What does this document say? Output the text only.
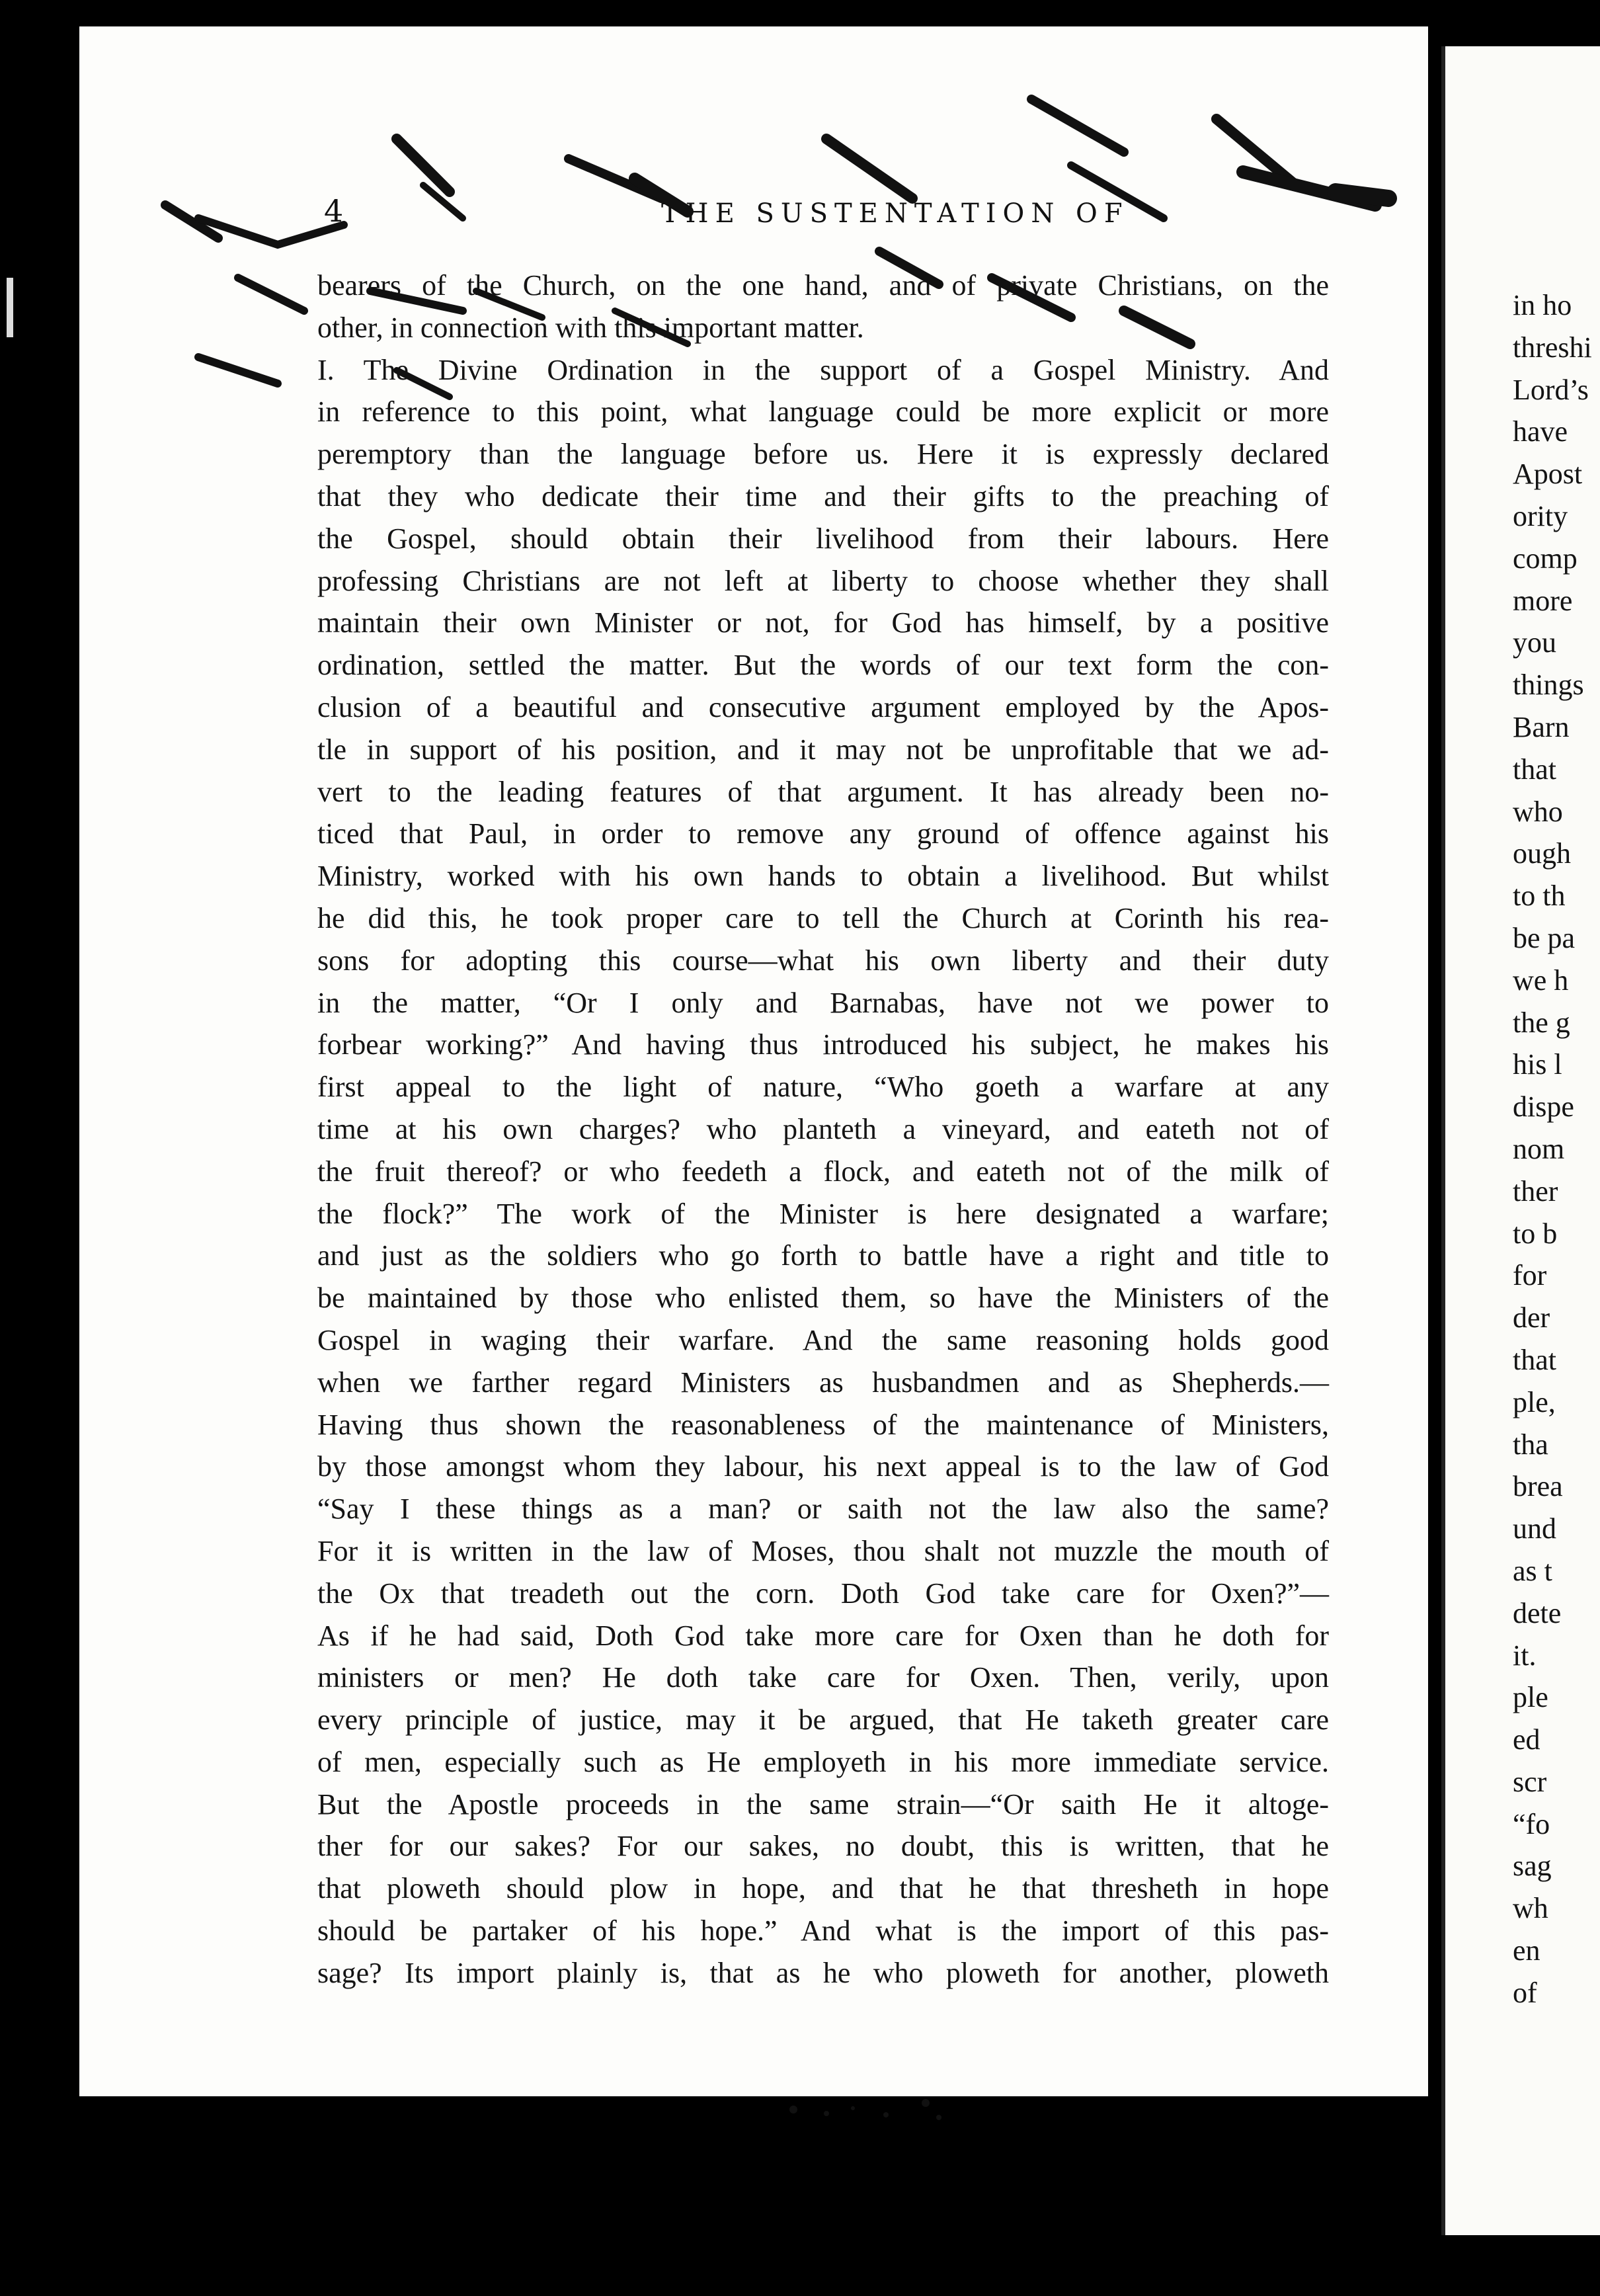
4	THE SUSTENTATION OF
bearers of the Church, on the one hand, and of private Christians, on the
other, in connection with this important matter.
I. The Divine Ordination in the support of a Gospel Ministry. And
in reference to this point, what language could be more explicit or more
peremptory than the language before us. Here it is expressly declared
that they who dedicate their time and their gifts to the preaching of
the Gospel, should obtain their livelihood from their labours. Here
professing Christians are not left at liberty to choose whether they shall
maintain their own Minister or not, for God has himself, by a positive
ordination, settled the matter. But the words of our text form the con-
clusion of a beautiful and consecutive argument employed by the Apos-
tle in support of his position, and it may not be unprofitable that we ad-
vert to the leading features of that argument. It has already been no-
ticed that Paul, in order to remove any ground of offence against his
Ministry, worked with his own hands to obtain a livelihood. But whilst
he did this, he took proper care to tell the Church at Corinth his rea-
sons for adopting this course—what his own liberty and their duty
in the matter, “Or I only and Barnabas, have not we power to
forbear working?” And having thus introduced his subject, he makes his
first appeal to the light of nature, “Who goeth a warfare at any
time at his own charges? who planteth a vineyard, and eateth not of
the fruit thereof? or who feedeth a flock, and eateth not of the milk of
the flock?” The work of the Minister is here designated a warfare;
and just as the soldiers who go forth to battle have a right and title to
be maintained by those who enlisted them, so have the Ministers of the
Gospel in waging their warfare. And the same reasoning holds good
when we farther regard Ministers as husbandmen and as Shepherds.—
Having thus shown the reasonableness of the maintenance of Ministers,
by those amongst whom they labour, his next appeal is to the law of God
“Say I these things as a man? or saith not the law also the same?
For it is written in the law of Moses, thou shalt not muzzle the mouth of
the Ox that treadeth out the corn. Doth God take care for Oxen?”—
As if he had said, Doth God take more care for Oxen than he doth for
ministers or men? He doth take care for Oxen. Then, verily, upon
every principle of justice, may it be argued, that He taketh greater care
of men, especially such as He employeth in his more immediate service.
But the Apostle proceeds in the same strain—“Or saith He it altoge-
ther for our sakes? For our sakes, no doubt, this is written, that he
that ploweth should plow in hope, and that he that thresheth in hope
should be partaker of his hope.” And what is the import of this pas-
sage? Its import plainly is, that as he who ploweth for another, ploweth
in ho
threshi
Lord’s
have
Apost
ority
comp
more
you
things
Barn
that
who
ough
to th
be pa
we h
the g
his l
dispe
nom
ther
to b
for
der
that
ple,
tha
brea
und
as t
dete
it.
ple
ed
scr
“fo
sag
wh
en
of
